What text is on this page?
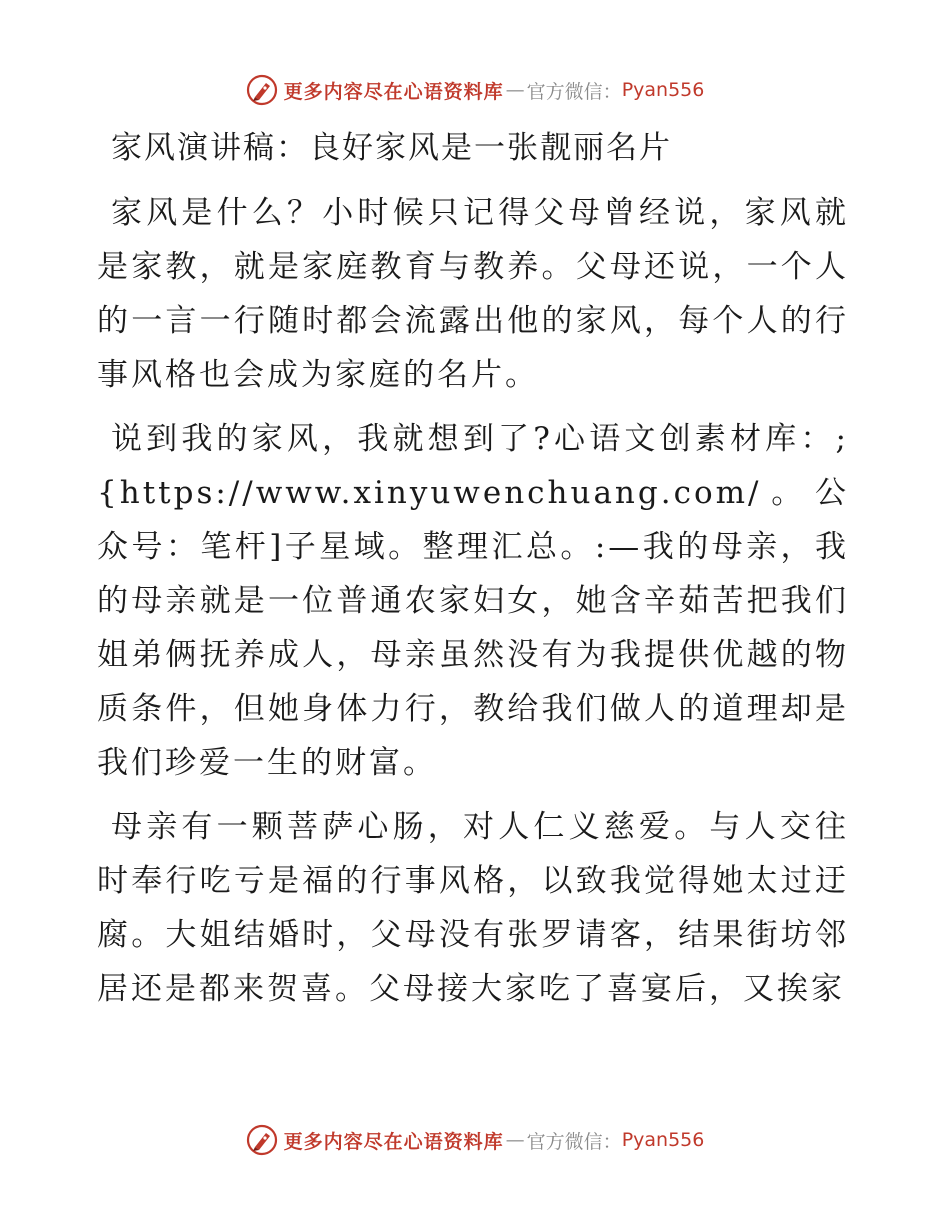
更多内容尽在心语资料库 — 官方微信： Pyan556
家风演讲稿：良好家风是一张靓丽名片

家风是什么？小时候只记得父母曾经说，家风就是家教，就是家庭教育与教养。父母还说，一个人的一言一行随时都会流露出他的家风，每个人的行事风格也会成为家庭的名片。

说到我的家风，我就想到了?心语文创素材库：;{https://www.xinyuwenchuang.com/。公众号：笔杆]子星域。整理汇总。:—我的母亲，我的母亲就是一位普通农家妇女，她含辛茹苦把我们姐弟俩抚养成人，母亲虽然没有为我提供优越的物质条件，但她身体力行，教给我们做人的道理却是我们珍爱一生的财富。

母亲有一颗菩萨心肠，对人仁义慈爱。与人交往时奉行吃亏是福的行事风格，以致我觉得她太过迂腐。大姐结婚时，父母没有张罗请客，结果街坊邻居还是都来贺喜。父母接大家吃了喜宴后，又挨家

更多内容尽在心语资料库 — 官方微信： Pyan556
